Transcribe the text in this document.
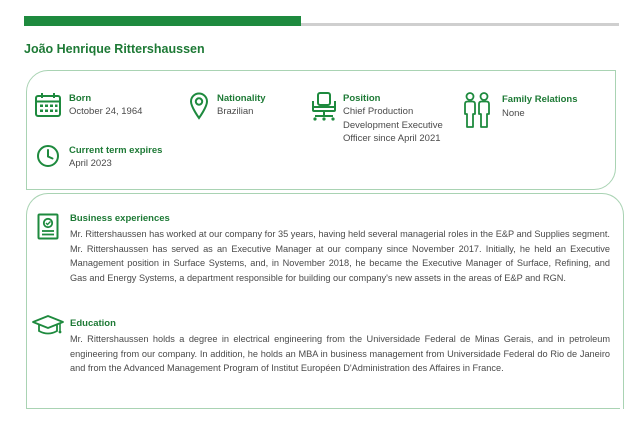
João Henrique Rittershaussen
Born
October 24, 1964
Nationality
Brazilian
Position
Chief Production
Development Executive
Officer since April 2021
Family Relations
None
Current term expires
April 2023
Business experiences
Mr. Rittershaussen has worked at our company for 35 years, having held several managerial roles in the E&P and Supplies segment. Mr. Rittershaussen has served as an Executive Manager at our company since November 2017. Initially, he held an Executive Management position in Surface Systems, and, in November 2018, he became the Executive Manager of Surface, Refining, and Gas and Energy Systems, a department responsible for building our company's new assets in the areas of E&P and RGN.
Education
Mr. Rittershaussen holds a degree in electrical engineering from the Universidade Federal de Minas Gerais, and in petroleum engineering from our company. In addition, he holds an MBA in business management from Universidade Federal do Rio de Janeiro and from the Advanced Management Program of Institut Européen D'Administration des Affaires in France.
